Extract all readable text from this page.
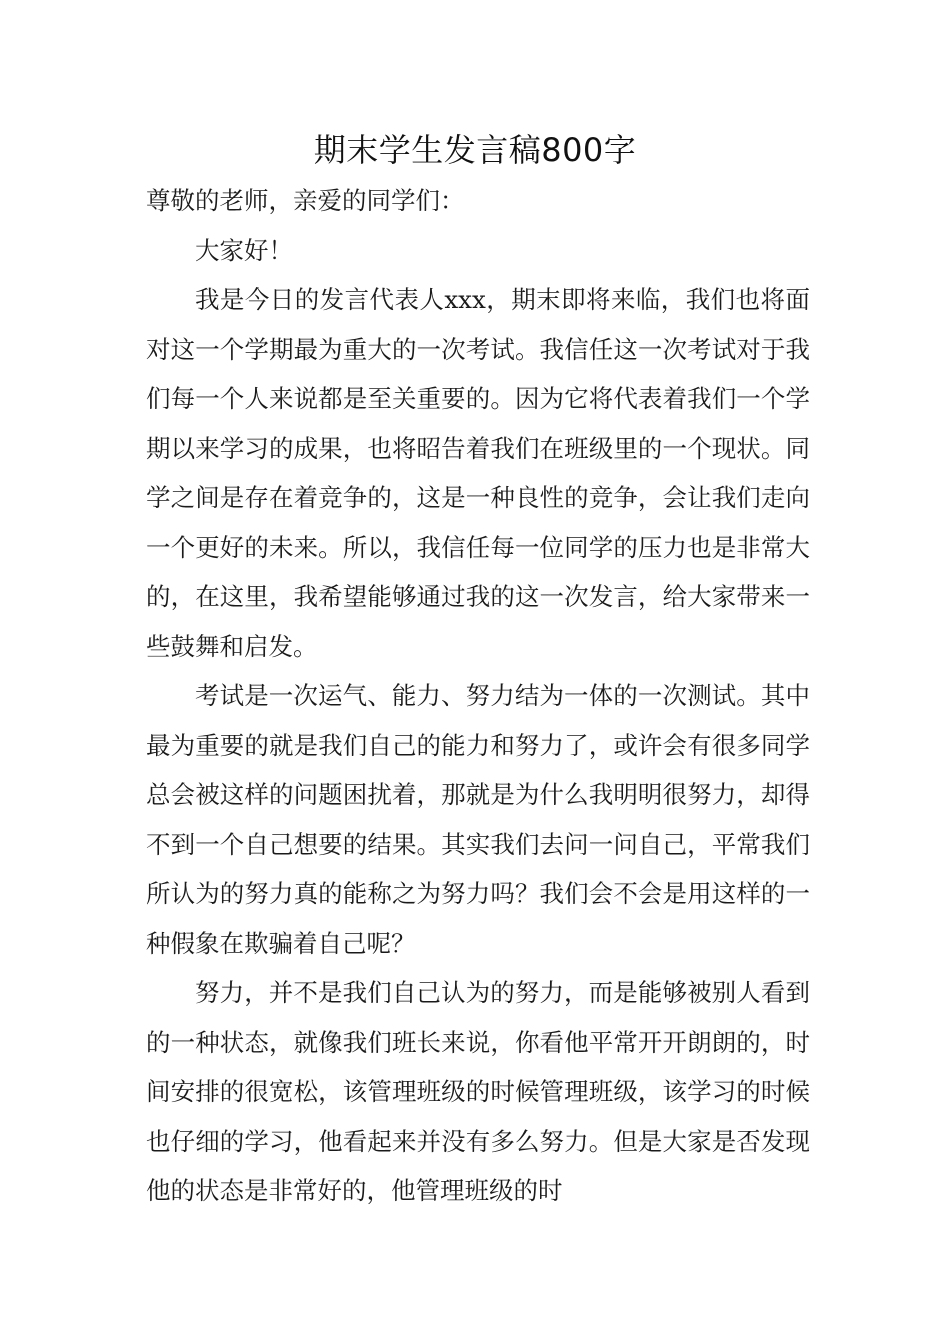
期末学生发言稿800字

尊敬的老师，亲爱的同学们：

大家好！

我是今日的发言代表人xxx，期末即将来临，我们也将面对这一个学期最为重大的一次考试。我信任这一次考试对于我们每一个人来说都是至关重要的。因为它将代表着我们一个学期以来学习的成果，也将昭告着我们在班级里的一个现状。同学之间是存在着竞争的，这是一种良性的竞争，会让我们走向一个更好的未来。所以，我信任每一位同学的压力也是非常大的，在这里，我希望能够通过我的这一次发言，给大家带来一些鼓舞和启发。

考试是一次运气、能力、努力结为一体的一次测试。其中最为重要的就是我们自己的能力和努力了，或许会有很多同学总会被这样的问题困扰着，那就是为什么我明明很努力，却得不到一个自己想要的结果。其实我们去问一问自己，平常我们所认为的努力真的能称之为努力吗？我们会不会是用这样的一种假象在欺骗着自己呢？

努力，并不是我们自己认为的努力，而是能够被别人看到的一种状态，就像我们班长来说，你看他平常开开朗朗的，时间安排的很宽松，该管理班级的时候管理班级，该学习的时候也仔细的学习，他看起来并没有多么努力。但是大家是否发现他的状态是非常好的，他管理班级的时
